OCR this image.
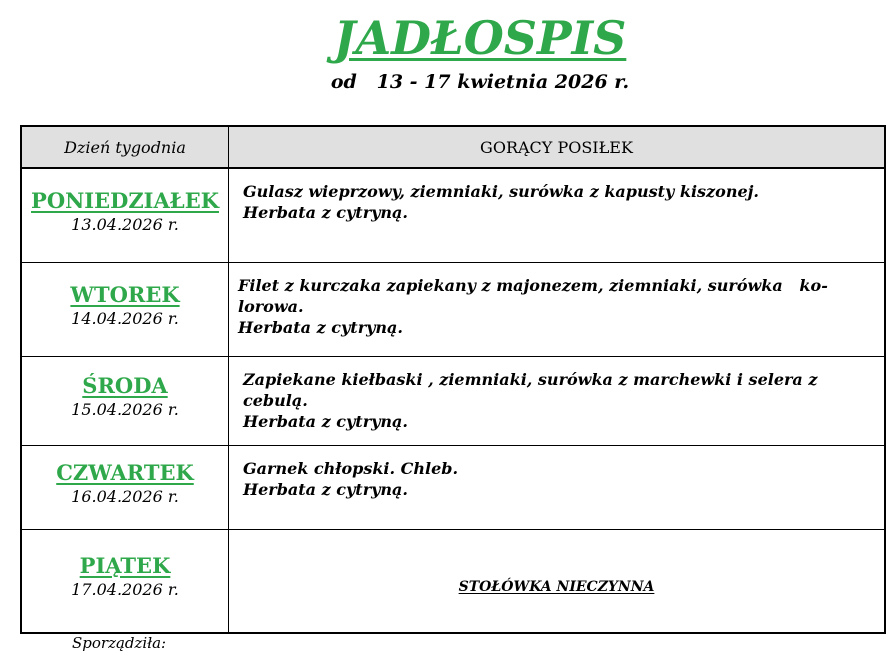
JADŁOSPIS
od   13 - 17 kwietnia 2026 r.
Dzień tygodnia	GORĄCY POSIŁEK
PONIEDZIAŁEK
13.04.2026 r.
Gulasz wieprzowy, ziemniaki, surówka z kapusty kiszonej.
Herbata z cytryną.
WTOREK
14.04.2026 r.
Filet z kurczaka zapiekany z majonezem, ziemniaki, surówka   ko-
lorowa.
Herbata z cytryną.
ŚRODA
15.04.2026 r.
Zapiekane kiełbaski , ziemniaki, surówka z marchewki i selera z
cebulą.
Herbata z cytryną.
CZWARTEK
16.04.2026 r.
Garnek chłopski. Chleb.
Herbata z cytryną.
PIĄTEK
17.04.2026 r.	STOŁÓWKA NIECZYNNA
Sporządziła:
